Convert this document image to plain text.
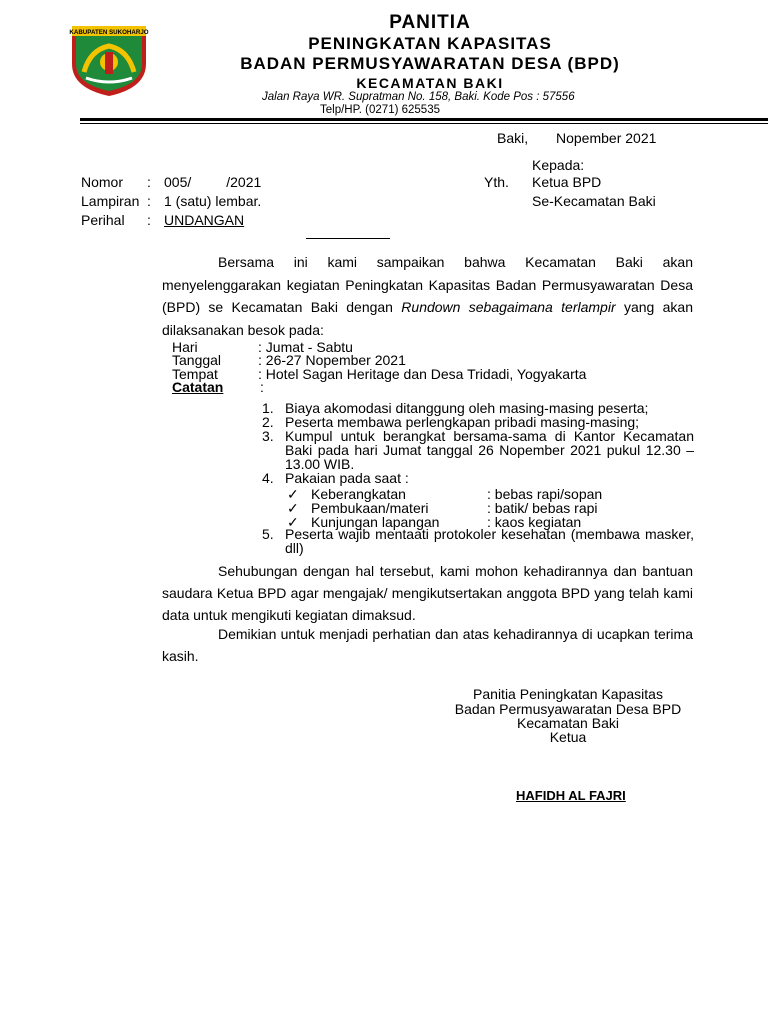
KABUPATEN SUKOHARJO	PANITIA
PENINGKATAN KAPASITAS
BADAN PERMUSYAWARATAN DESA (BPD)
KECAMATAN BAKI
Jalan Raya WR. Supratman No. 158, Baki. Kode Pos : 57556
Telp/HP. (0271) 625535
Baki, Nopember 2021
Kepada:
Yth. Ketua BPD
Se-Kecamatan Baki
Nomor : 005/         /2021
Lampiran : 1 (satu) lembar.
Perihal : UNDANGAN
Bersama ini kami sampaikan bahwa Kecamatan Baki akan menyelenggarakan kegiatan Peningkatan Kapasitas Badan Permusyawaratan Desa (BPD) se Kecamatan Baki dengan Rundown sebagaimana terlampir yang akan dilaksanakan besok pada:
Hari	: Jumat - Sabtu
Tanggal	: 26-27 Nopember 2021
Tempat	: Hotel Sagan Heritage dan Desa Tridadi, Yogyakarta
Catatan	:
1. Biaya akomodasi ditanggung oleh masing-masing peserta;
2. Peserta membawa perlengkapan pribadi masing-masing;
3. Kumpul untuk berangkat bersama-sama di Kantor Kecamatan Baki pada hari Jumat tanggal 26 Nopember 2021 pukul 12.30 – 13.00 WIB.
4. Pakaian pada saat :
5. Peserta wajib mentaati protokoler kesehatan (membawa masker, dll)
✓ Keberangkatan	: bebas rapi/sopan
✓ Pembukaan/materi	: batik/ bebas rapi
✓ Kunjungan lapangan	: kaos kegiatan
Sehubungan dengan hal tersebut, kami mohon kehadirannya dan bantuan saudara Ketua BPD agar mengajak/ mengikutsertakan anggota BPD yang telah kami data untuk mengikuti kegiatan dimaksud.
Demikian untuk menjadi perhatian dan atas kehadirannya di ucapkan terima kasih.
Panitia Peningkatan Kapasitas
Badan Permusyawaratan Desa BPD
Kecamatan Baki
Ketua
HAFIDH AL FAJRI
